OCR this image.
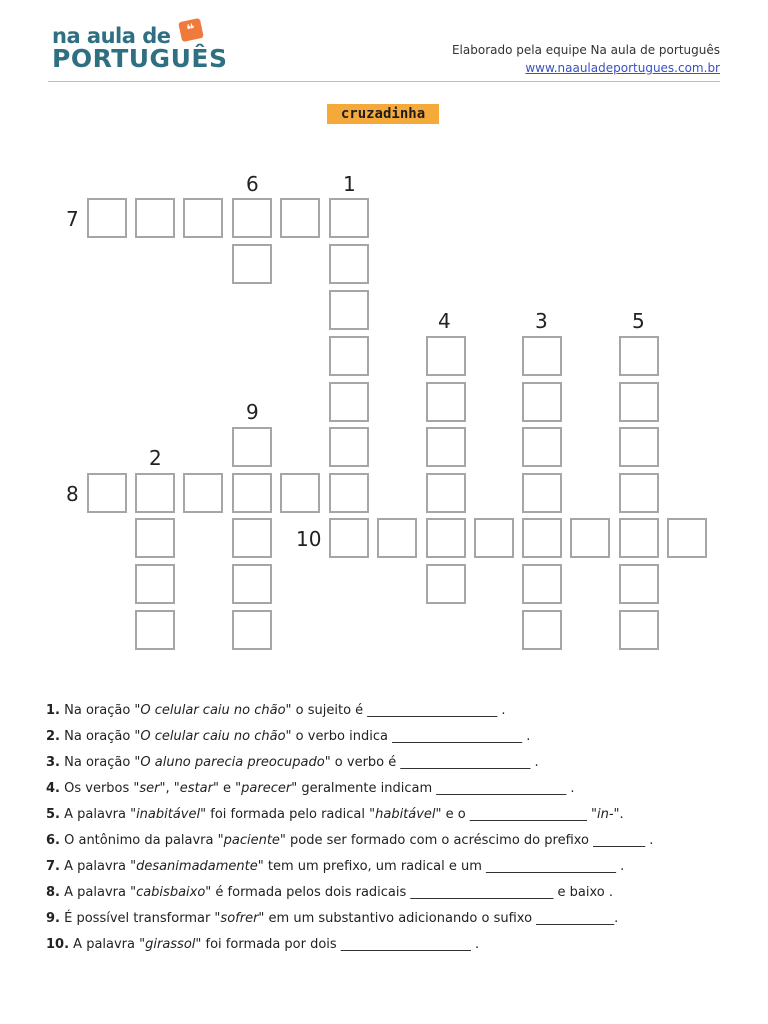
na aula de
PORTUGUÊS
❝
Elaborado pela equipe Na aula de português
www.naauladeportugues.com.br
cruzadinha
6	1
7
4	3	5
9
2
8
10
1. Na oração "O celular caiu no chão" o sujeito é ____________________ .
2. Na oração "O celular caiu no chão" o verbo indica ____________________ .
3. Na oração "O aluno parecia preocupado" o verbo é ____________________ .
4. Os verbos "ser", "estar" e "parecer" geralmente indicam ____________________ .
5. A palavra "inabitável" foi formada pelo radical "habitável" e o __________________ "in-".
6. O antônimo da palavra "paciente" pode ser formado com o acréscimo do prefixo ________ .
7. A palavra "desanimadamente" tem um prefixo, um radical e um ____________________ .
8. A palavra "cabisbaixo" é formada pelos dois radicais ______________________ e baixo .
9. É possível transformar "sofrer" em um substantivo adicionando o sufixo ____________.
10. A palavra "girassol" foi formada por dois ____________________ .
